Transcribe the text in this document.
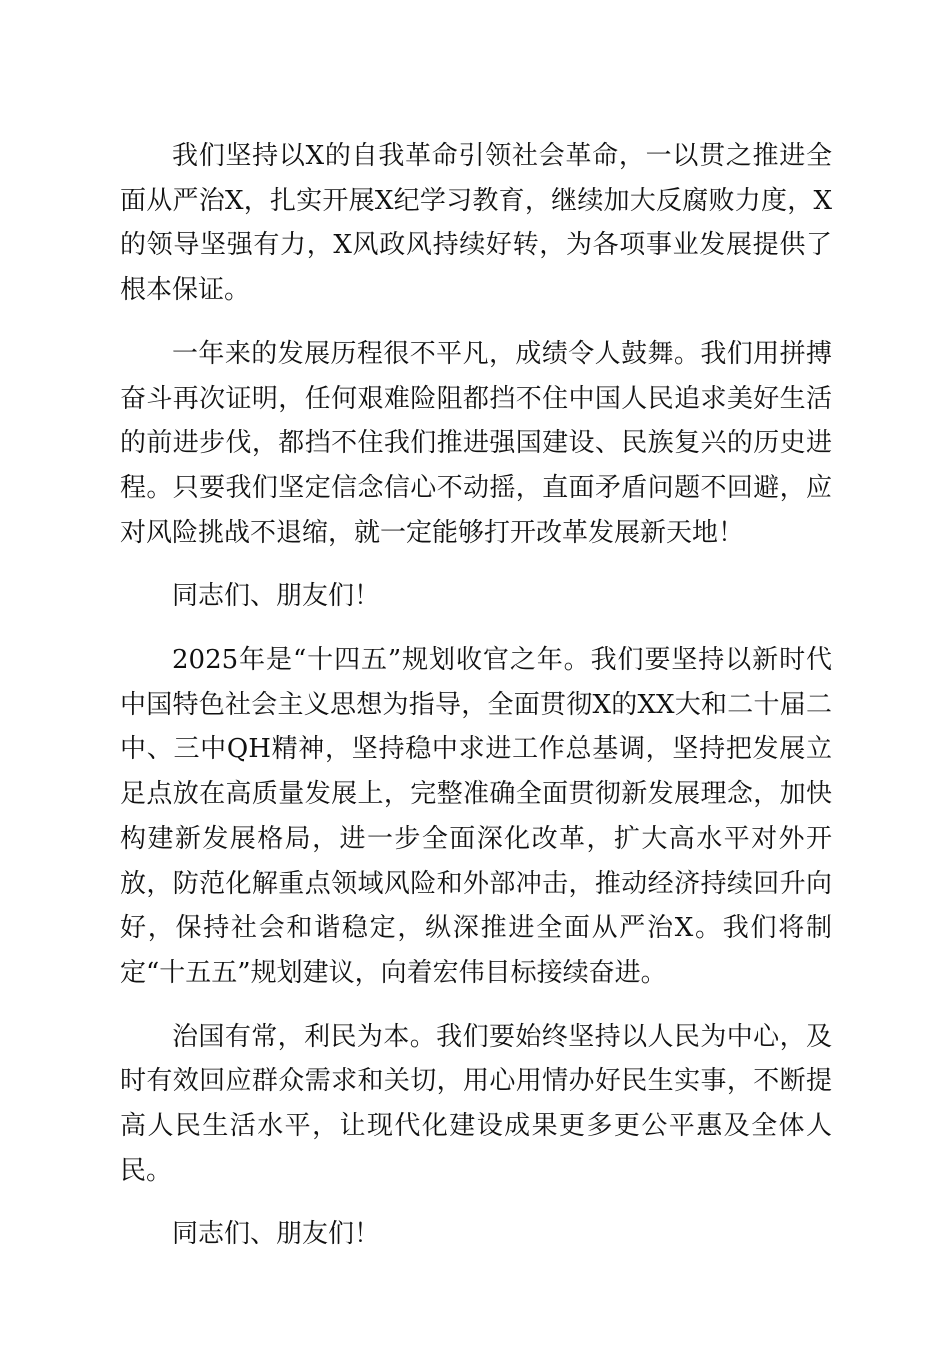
我们坚持以X的自我革命引领社会革命，一以贯之推进全面从严治X，扎实开展X纪学习教育，继续加大反腐败力度，X的领导坚强有力，X风政风持续好转，为各项事业发展提供了根本保证。

一年来的发展历程很不平凡，成绩令人鼓舞。我们用拼搏奋斗再次证明，任何艰难险阻都挡不住中国人民追求美好生活的前进步伐，都挡不住我们推进强国建设、民族复兴的历史进程。只要我们坚定信念信心不动摇，直面矛盾问题不回避，应对风险挑战不退缩，就一定能够打开改革发展新天地！

同志们、朋友们！

2025年是“十四五”规划收官之年。我们要坚持以新时代中国特色社会主义思想为指导，全面贯彻X的XX大和二十届二中、三中QH精神，坚持稳中求进工作总基调，坚持把发展立足点放在高质量发展上，完整准确全面贯彻新发展理念，加快构建新发展格局，进一步全面深化改革，扩大高水平对外开放，防范化解重点领域风险和外部冲击，推动经济持续回升向好，保持社会和谐稳定，纵深推进全面从严治X。我们将制定“十五五”规划建议，向着宏伟目标接续奋进。

治国有常，利民为本。我们要始终坚持以人民为中心，及时有效回应群众需求和关切，用心用情办好民生实事，不断提高人民生活水平，让现代化建设成果更多更公平惠及全体人民。

同志们、朋友们！
